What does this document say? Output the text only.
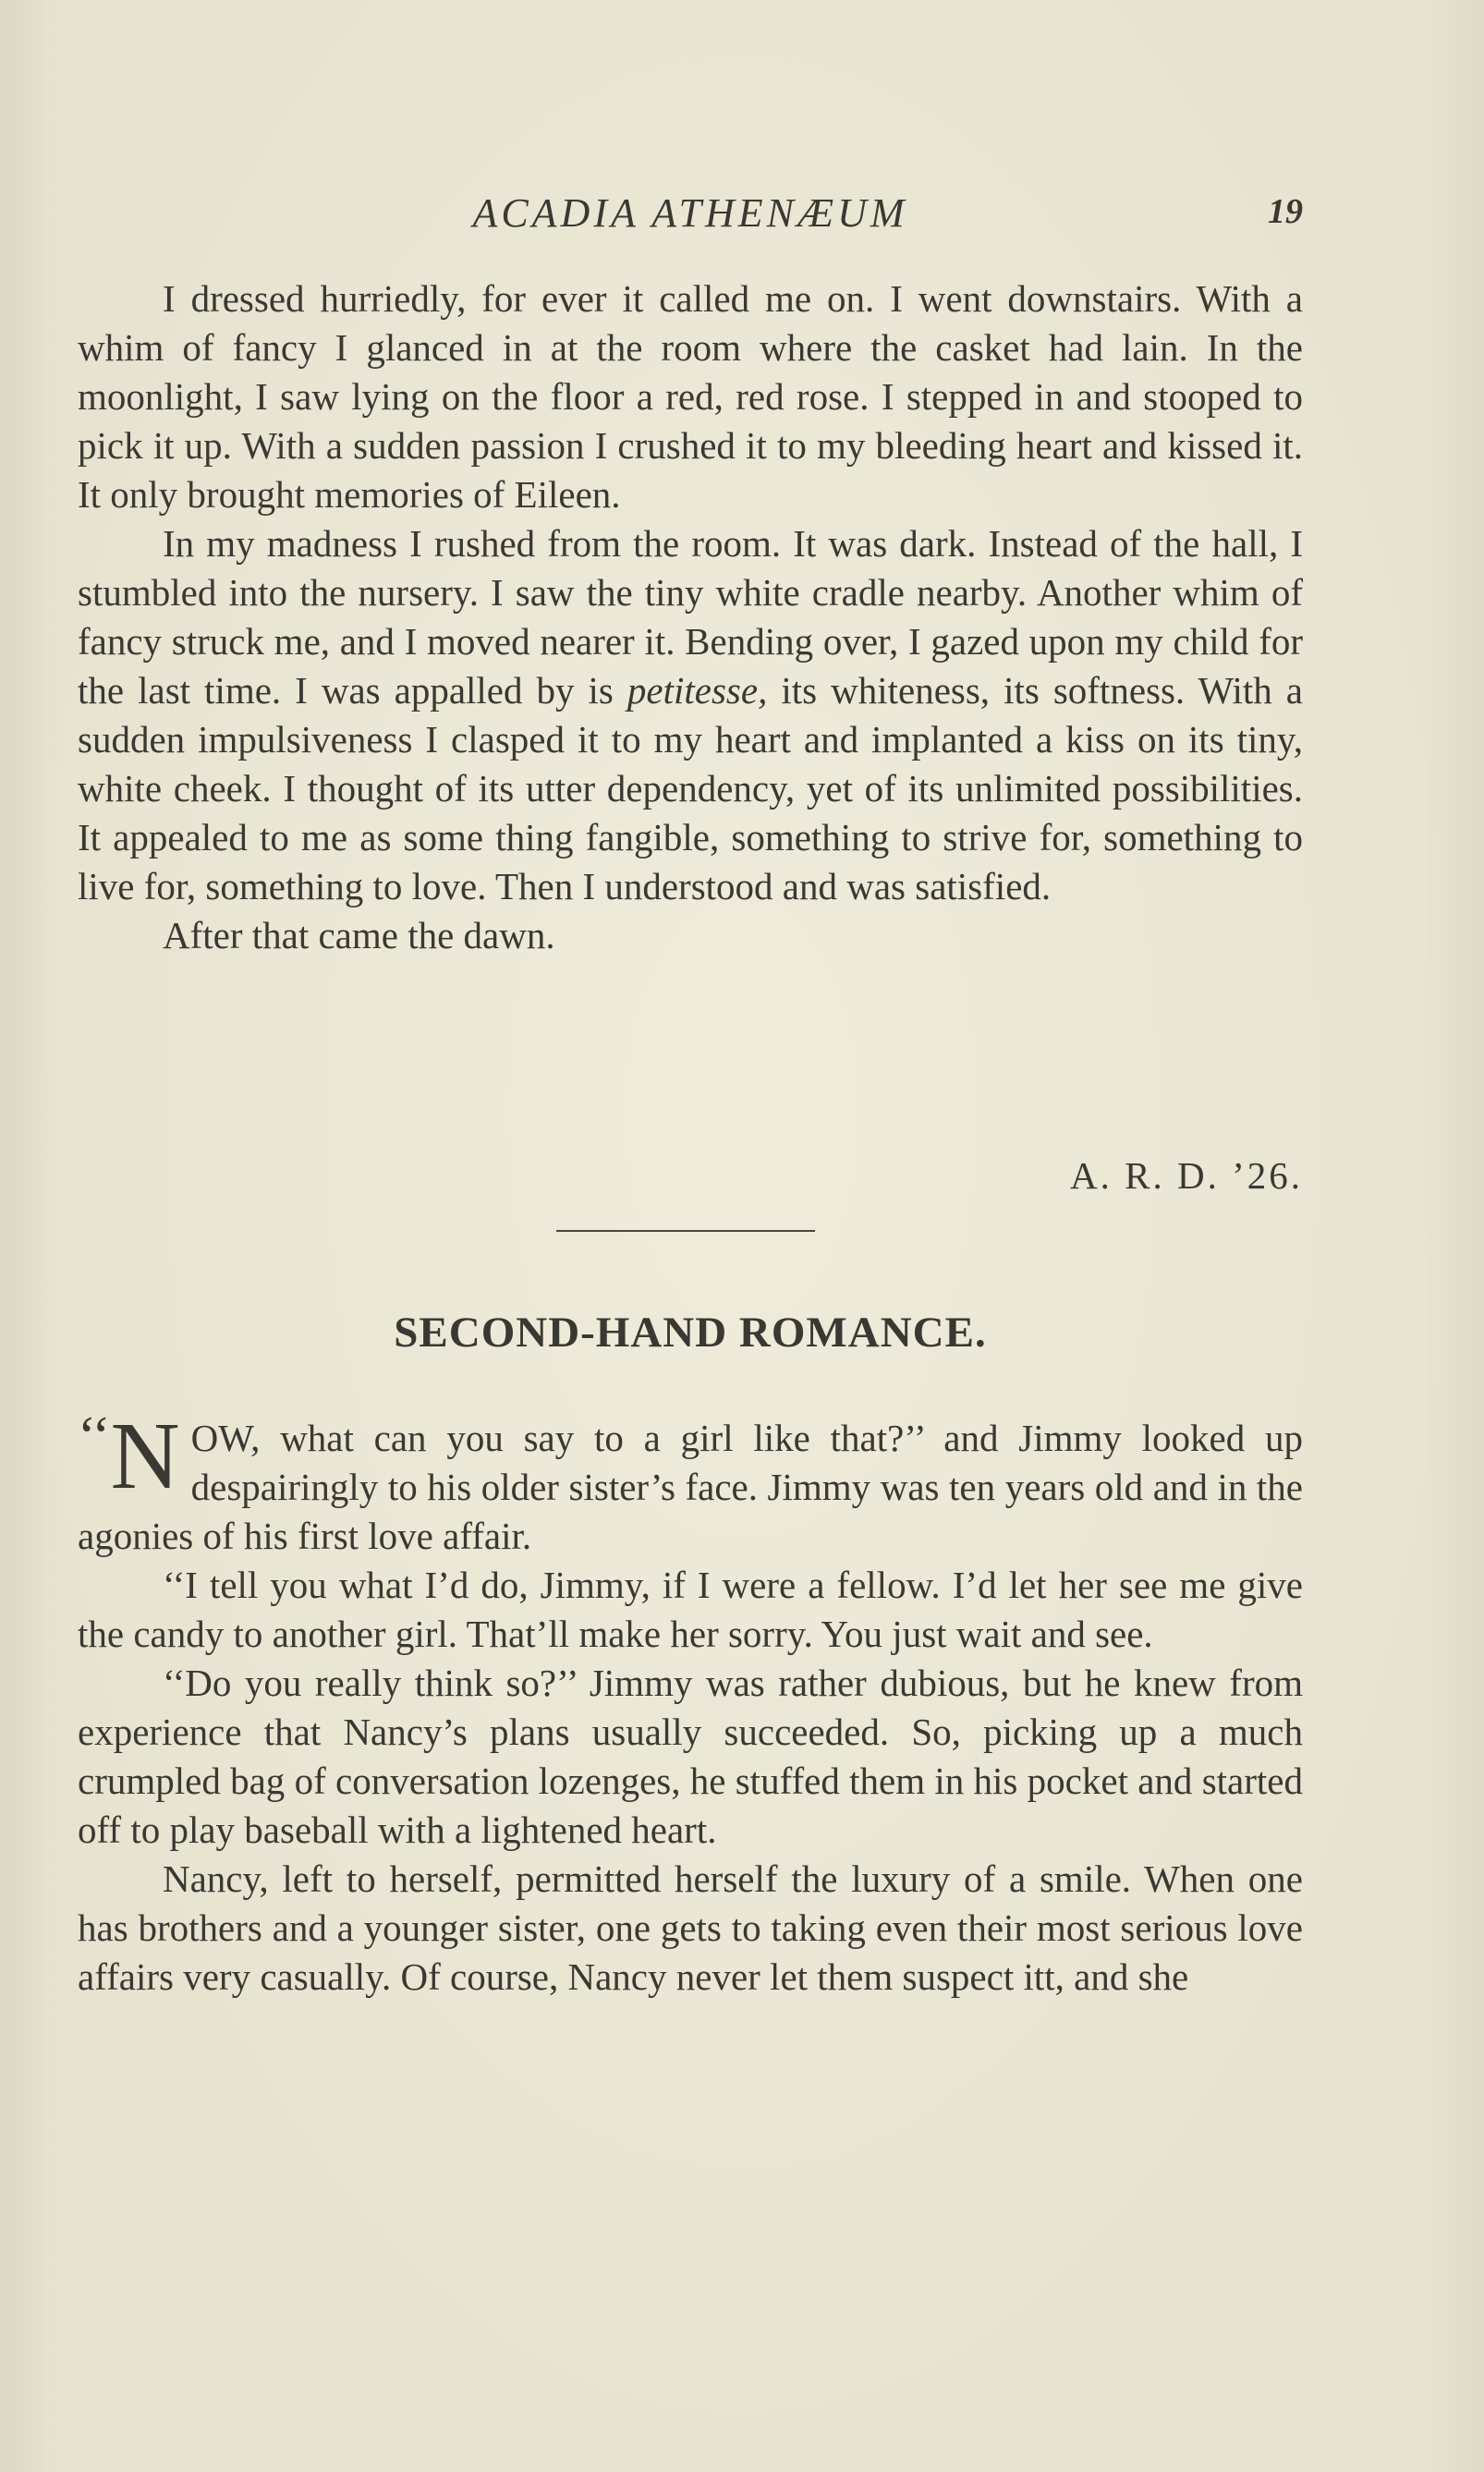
ACADIA ATHENÆUM	19

I dressed hurriedly, for ever it called me on. I went downstairs. With a whim of fancy I glanced in at the room where the casket had lain. In the moonlight, I saw lying on the floor a red, red rose. I stepped in and stooped to pick it up. With a sudden passion I crushed it to my bleeding heart and kissed it. It only brought memories of Eileen.

In my madness I rushed from the room. It was dark. Instead of the hall, I stumbled into the nursery. I saw the tiny white cradle nearby. Another whim of fancy struck me, and I moved nearer it. Bending over, I gazed upon my child for the last time. I was appalled by is petitesse, its whiteness, its softness. With a sudden impulsiveness I clasped it to my heart and implanted a kiss on its tiny, white cheek. I thought of its utter dependency, yet of its unlimited possibilities. It appealed to me as some thing fangible, something to strive for, something to live for, something to love. Then I understood and was satisfied.

After that came the dawn.

A. R. D. ’26.
SECOND-HAND ROMANCE.

‘‘N OW, what can you say to a girl like that?’’ and Jimmy looked up despairingly to his older sister’s face. Jimmy was ten years old and in the agonies of his first love affair.

‘‘I tell you what I’d do, Jimmy, if I were a fellow. I’d let her see me give the candy to another girl. That’ll make her sorry. You just wait and see.

‘‘Do you really think so?’’ Jimmy was rather dubious, but he knew from experience that Nancy’s plans usually succeeded. So, picking up a much crumpled bag of conversation lozenges, he stuffed them in his pocket and started off to play baseball with a lightened heart.

Nancy, left to herself, permitted herself the luxury of a smile. When one has brothers and a younger sister, one gets to taking even their most serious love affairs very casually. Of course, Nancy never let them suspect itt, and she
